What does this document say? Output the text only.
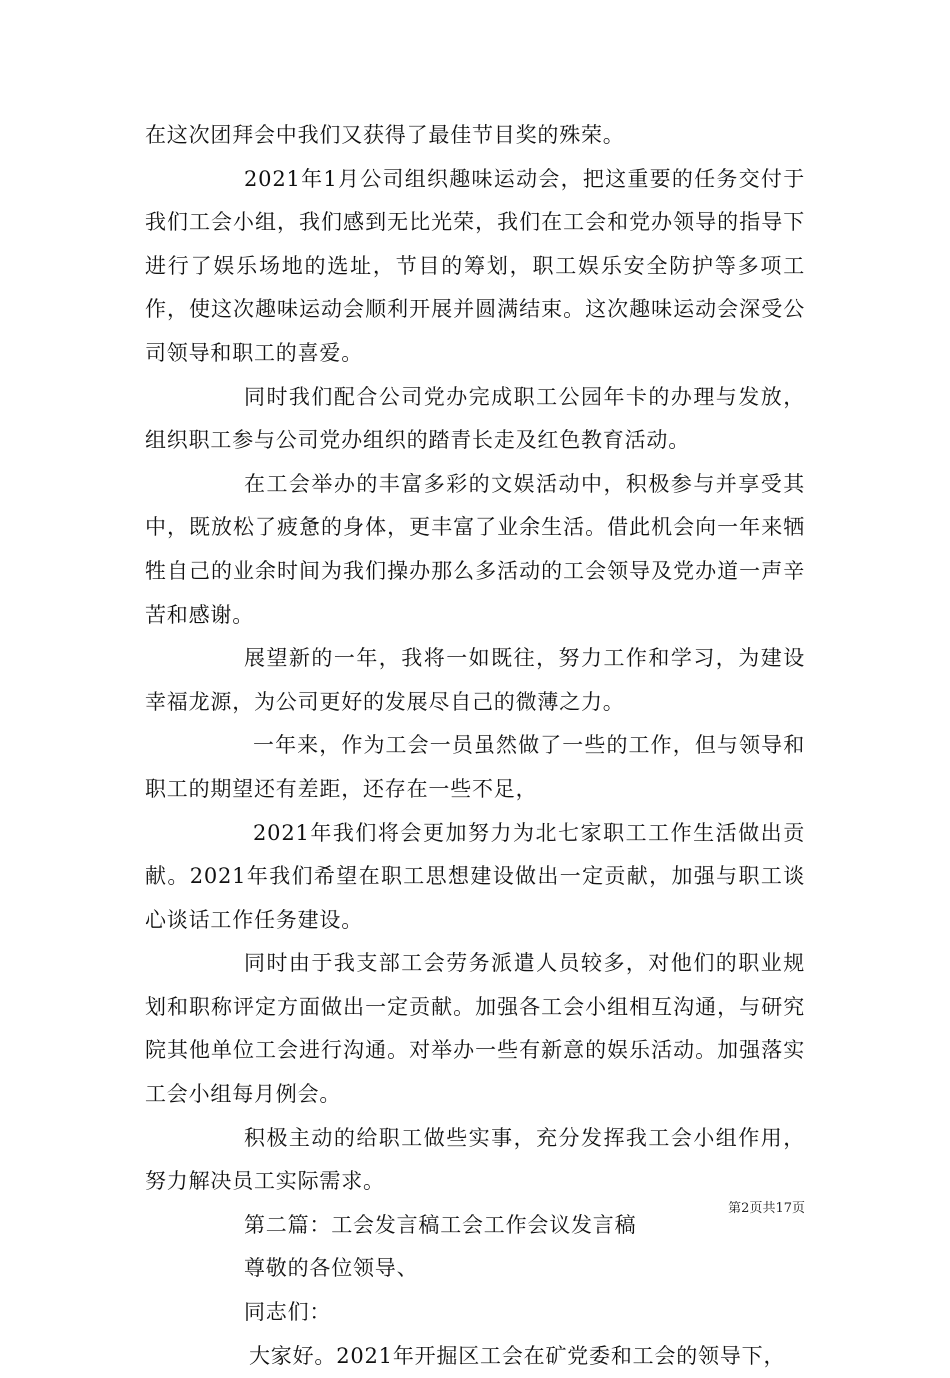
在这次团拜会中我们又获得了最佳节目奖的殊荣。

2021年1月公司组织趣味运动会，把这重要的任务交付于我们工会小组，我们感到无比光荣，我们在工会和党办领导的指导下进行了娱乐场地的选址，节目的筹划，职工娱乐安全防护等多项工作，使这次趣味运动会顺利开展并圆满结束。这次趣味运动会深受公司领导和职工的喜爱。

同时我们配合公司党办完成职工公园年卡的办理与发放，组织职工参与公司党办组织的踏青长走及红色教育活动。

在工会举办的丰富多彩的文娱活动中，积极参与并享受其中，既放松了疲惫的身体，更丰富了业余生活。借此机会向一年来牺牲自己的业余时间为我们操办那么多活动的工会领导及党办道一声辛苦和感谢。

展望新的一年，我将一如既往，努力工作和学习，为建设幸福龙源，为公司更好的发展尽自己的微薄之力。

一年来，作为工会一员虽然做了一些的工作，但与领导和职工的期望还有差距，还存在一些不足，

2021年我们将会更加努力为北七家职工工作生活做出贡献。2021年我们希望在职工思想建设做出一定贡献，加强与职工谈心谈话工作任务建设。

同时由于我支部工会劳务派遣人员较多，对他们的职业规划和职称评定方面做出一定贡献。加强各工会小组相互沟通，与研究院其他单位工会进行沟通。对举办一些有新意的娱乐活动。加强落实工会小组每月例会。

积极主动的给职工做些实事，充分发挥我工会小组作用，努力解决员工实际需求。

第二篇：工会发言稿工会工作会议发言稿

尊敬的各位领导、

同志们：

大家好。2021年开掘区工会在矿党委和工会的领导下，

第2页共17页
